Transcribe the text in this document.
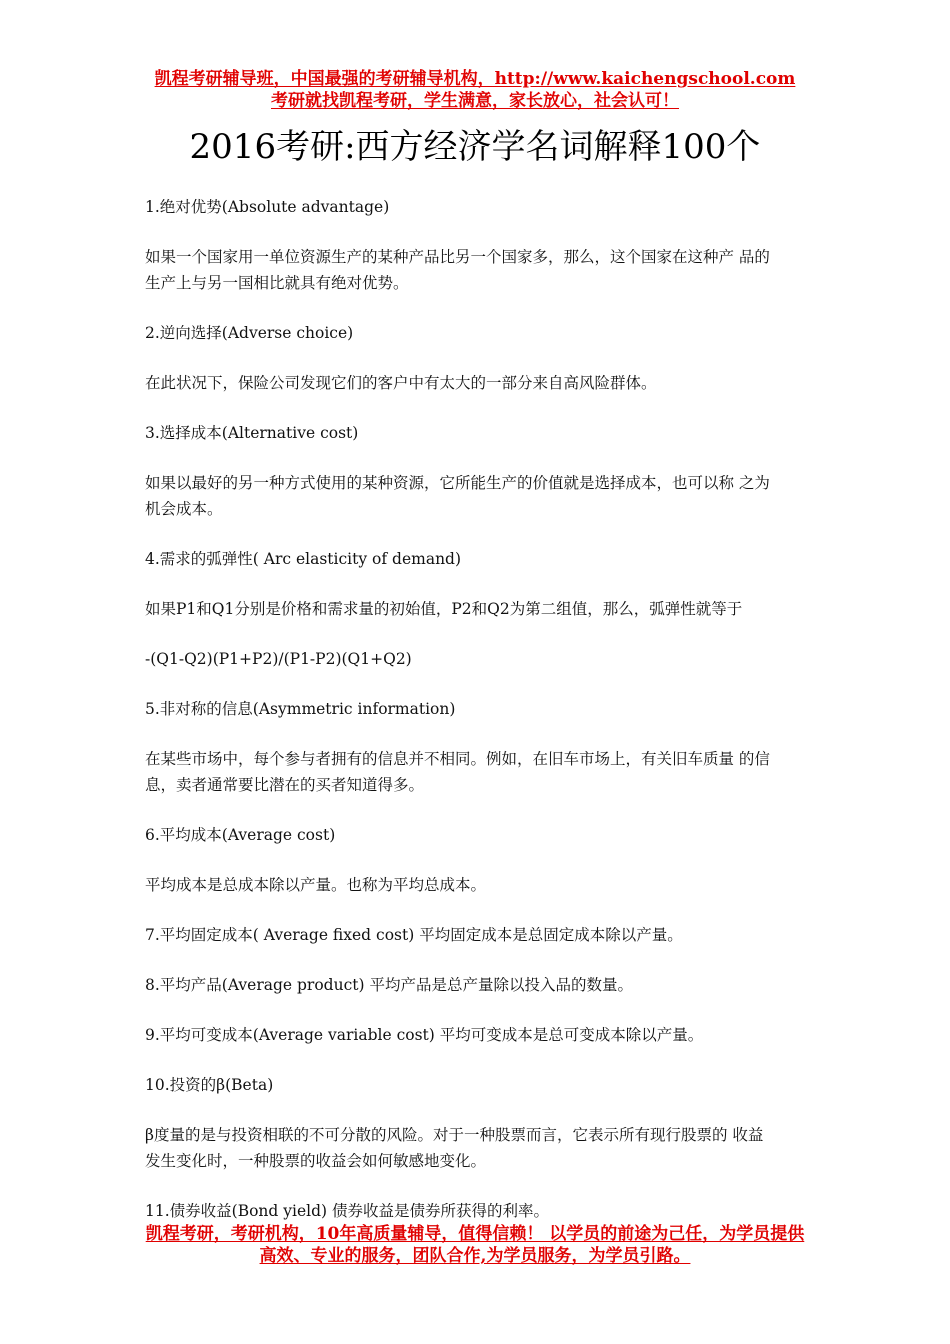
凯程考研辅导班，中国最强的考研辅导机构，http://www.kaichengschool.com
考研就找凯程考研，学生满意，家长放心，社会认可！
2016考研:西方经济学名词解释100个

1.绝对优势(Absolute advantage)

如果一个国家用一单位资源生产的某种产品比另一个国家多，那么，这个国家在这种产 品的

生产上与另一国相比就具有绝对优势。

2.逆向选择(Adverse choice)

在此状况下，保险公司发现它们的客户中有太大的一部分来自高风险群体。

3.选择成本(Alternative cost)

如果以最好的另一种方式使用的某种资源，它所能生产的价值就是选择成本，也可以称 之为

机会成本。

4.需求的弧弹性( Arc elasticity of demand)

如果P1和Q1分别是价格和需求量的初始值，P2和Q2为第二组值，那么，弧弹性就等于

-(Q1-Q2)(P1+P2)/(P1-P2)(Q1+Q2)

5.非对称的信息(Asymmetric information)

在某些市场中，每个参与者拥有的信息并不相同。例如，在旧车市场上，有关旧车质量 的信

息，卖者通常要比潜在的买者知道得多。

6.平均成本(Average cost)

平均成本是总成本除以产量。也称为平均总成本。

7.平均固定成本( Average fixed cost) 平均固定成本是总固定成本除以产量。

8.平均产品(Average product) 平均产品是总产量除以投入品的数量。

9.平均可变成本(Average variable cost) 平均可变成本是总可变成本除以产量。

10.投资的β(Beta)

β度量的是与投资相联的不可分散的风险。对于一种股票而言，它表示所有现行股票的 收益

发生变化时，一种股票的收益会如何敏感地变化。

11.债券收益(Bond yield) 债券收益是债券所获得的利率。

凯程考研，考研机构，10年高质量辅导，值得信赖！ 以学员的前途为己任，为学员提供
高效、专业的服务，团队合作,为学员服务，为学员引路。
